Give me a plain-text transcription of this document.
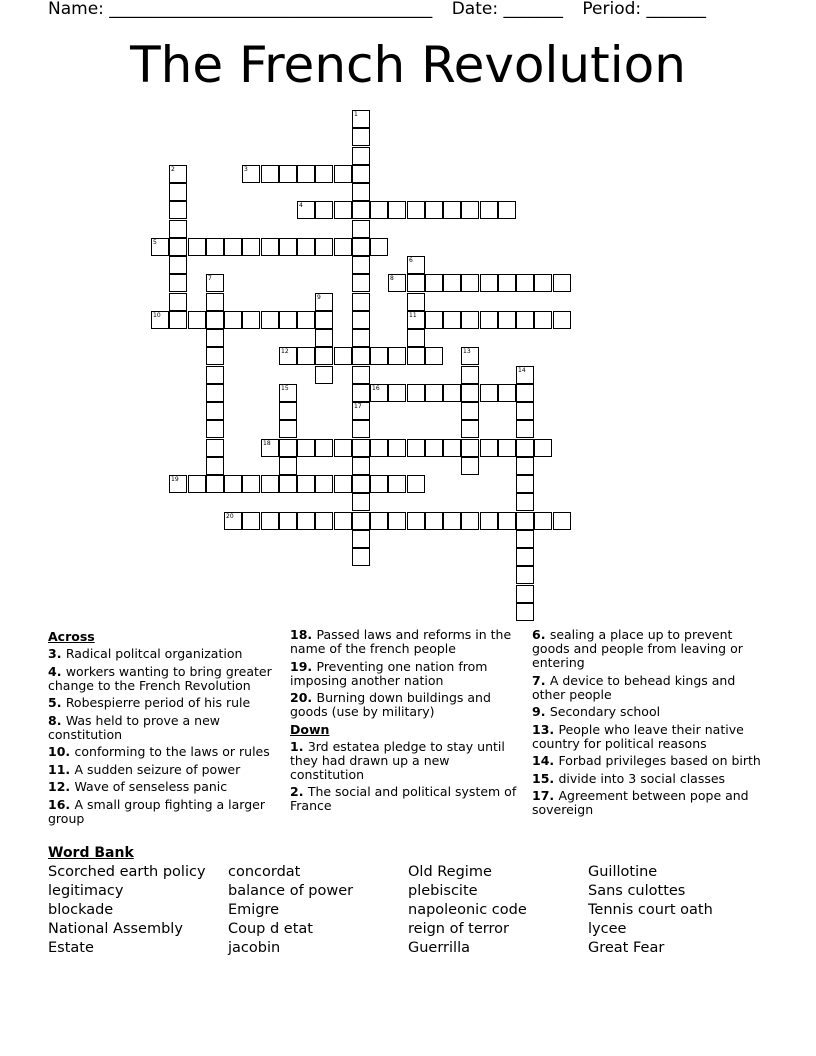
Name: ______________________________________ Date: _______ Period: _______
The French Revolution
1
17
2	3
4
5
6
11
7	8
9
10
12	13
14
15	16
18
19
20
Across
3. Radical politcal organization
4. workers wanting to bring greater change to the French Revolution
5. Robespierre period of his rule
8. Was held to prove a new constitution
10. conforming to the laws or rules
11. A sudden seizure of power
12. Wave of senseless panic
16. A small group fighting a larger group
18. Passed laws and reforms in the name of the french people
19. Preventing one nation from imposing another nation
20. Burning down buildings and goods (use by military)
Down
1. 3rd estatea pledge to stay until they had drawn up a new constitution
2. The social and political system of France
6. sealing a place up to prevent goods and people from leaving or entering
7. A device to behead kings and other people
9. Secondary school
13. People who leave their native country for political reasons
14. Forbad privileges based on birth
15. divide into 3 social classes
17. Agreement between pope and sovereign
Word Bank
Scorched earth policy	concordat	Old Regime	Guillotine
legitimacy	balance of power	plebiscite	Sans culottes
blockade	Emigre	napoleonic code	Tennis court oath
National Assembly	Coup d etat	reign of terror	lycee
Estate	jacobin	Guerrilla	Great Fear
